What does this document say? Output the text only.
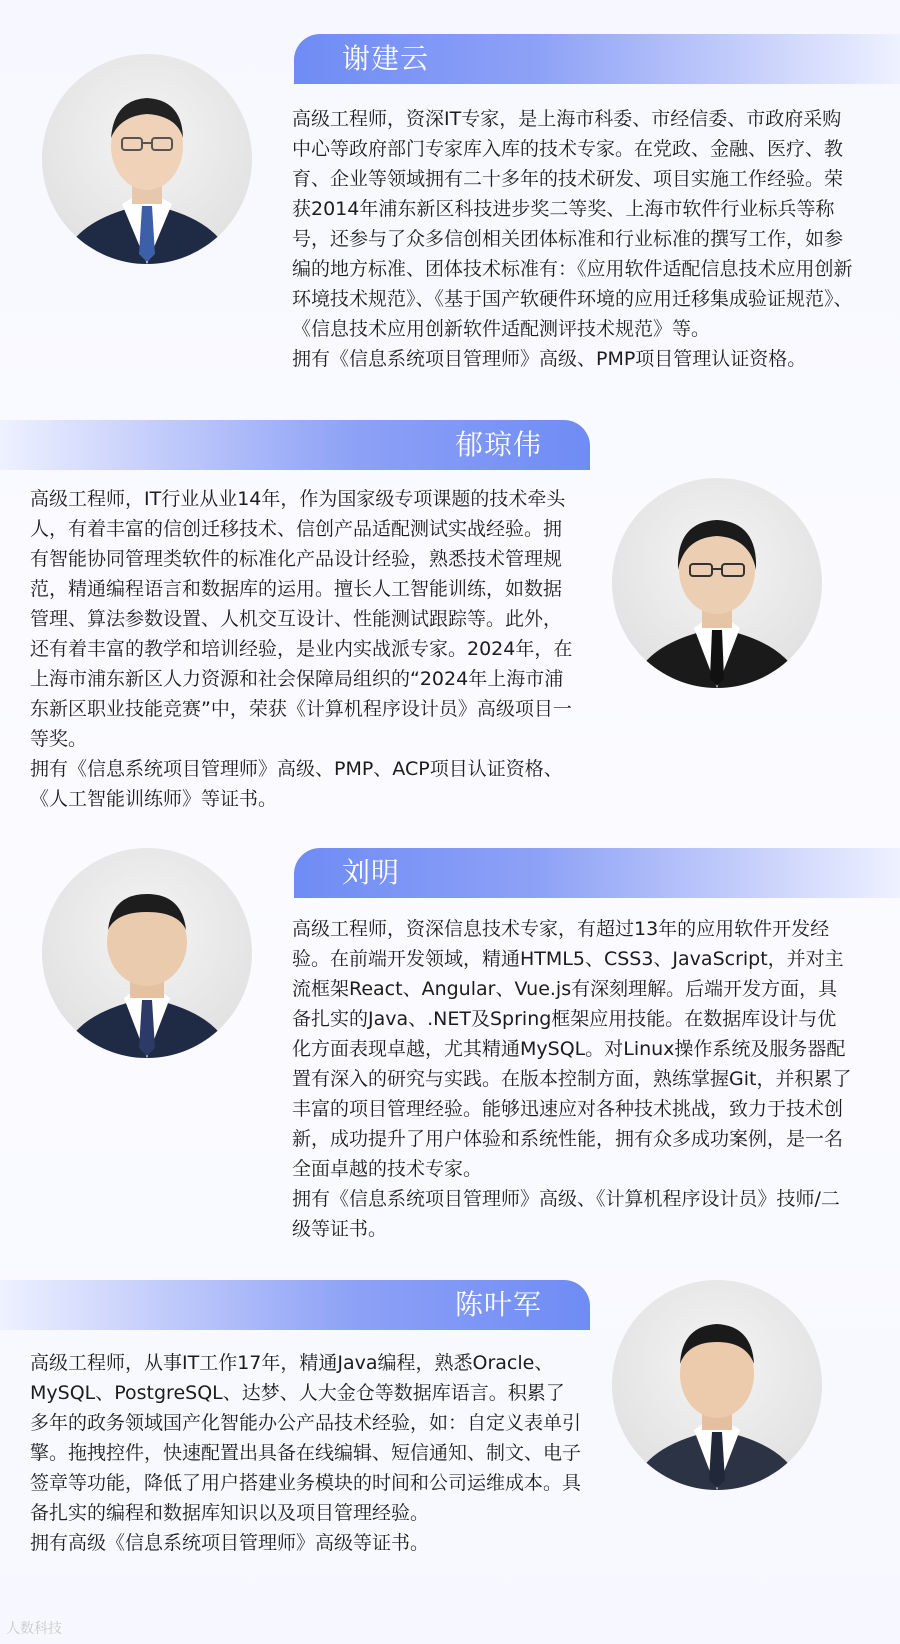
谢建云

高级工程师，资深IT专家，是上海市科委、市经信委、市政府采购中心等政府部门专家库入库的技术专家。在党政、金融、医疗、教育、企业等领域拥有二十多年的技术研发、项目实施工作经验。荣获2014年浦东新区科技进步奖二等奖、上海市软件行业标兵等称号，还参与了众多信创相关团体标准和行业标准的撰写工作，如参编的地方标准、团体技术标准有：《应用软件适配信息技术应用创新环境技术规范》、《基于国产软硬件环境的应用迁移集成验证规范》、《信息技术应用创新软件适配测评技术规范》等。

拥有《信息系统项目管理师》高级、PMP项目管理认证资格。

郁琼伟

高级工程师，IT行业从业14年，作为国家级专项课题的技术牵头人，有着丰富的信创迁移技术、信创产品适配测试实战经验。拥有智能协同管理类软件的标准化产品设计经验，熟悉技术管理规范，精通编程语言和数据库的运用。擅长人工智能训练，如数据管理、算法参数设置、人机交互设计、性能测试跟踪等。此外，还有着丰富的教学和培训经验，是业内实战派专家。2024年，在上海市浦东新区人力资源和社会保障局组织的“2024年上海市浦东新区职业技能竞赛”中，荣获《计算机程序设计员》高级项目一等奖。

拥有《信息系统项目管理师》高级、PMP、ACP项目认证资格、《人工智能训练师》等证书。

刘明

高级工程师，资深信息技术专家，有超过13年的应用软件开发经验。在前端开发领域，精通HTML5、CSS3、JavaScript，并对主流框架React、Angular、Vue.js有深刻理解。后端开发方面，具备扎实的Java、.NET及Spring框架应用技能。在数据库设计与优化方面表现卓越，尤其精通MySQL。对Linux操作系统及服务器配置有深入的研究与实践。在版本控制方面，熟练掌握Git，并积累了丰富的项目管理经验。能够迅速应对各种技术挑战，致力于技术创新，成功提升了用户体验和系统性能，拥有众多成功案例，是一名全面卓越的技术专家。

拥有《信息系统项目管理师》高级、《计算机程序设计员》技师/二级等证书。

陈叶军

高级工程师，从事IT工作17年，精通Java编程，熟悉Oracle、MySQL、PostgreSQL、达梦、人大金仓等数据库语言。积累了多年的政务领域国产化智能办公产品技术经验，如：自定义表单引擎。拖拽控件，快速配置出具备在线编辑、短信通知、制文、电子签章等功能，降低了用户搭建业务模块的时间和公司运维成本。具备扎实的编程和数据库知识以及项目管理经验。

拥有高级《信息系统项目管理师》高级等证书。

人数科技
